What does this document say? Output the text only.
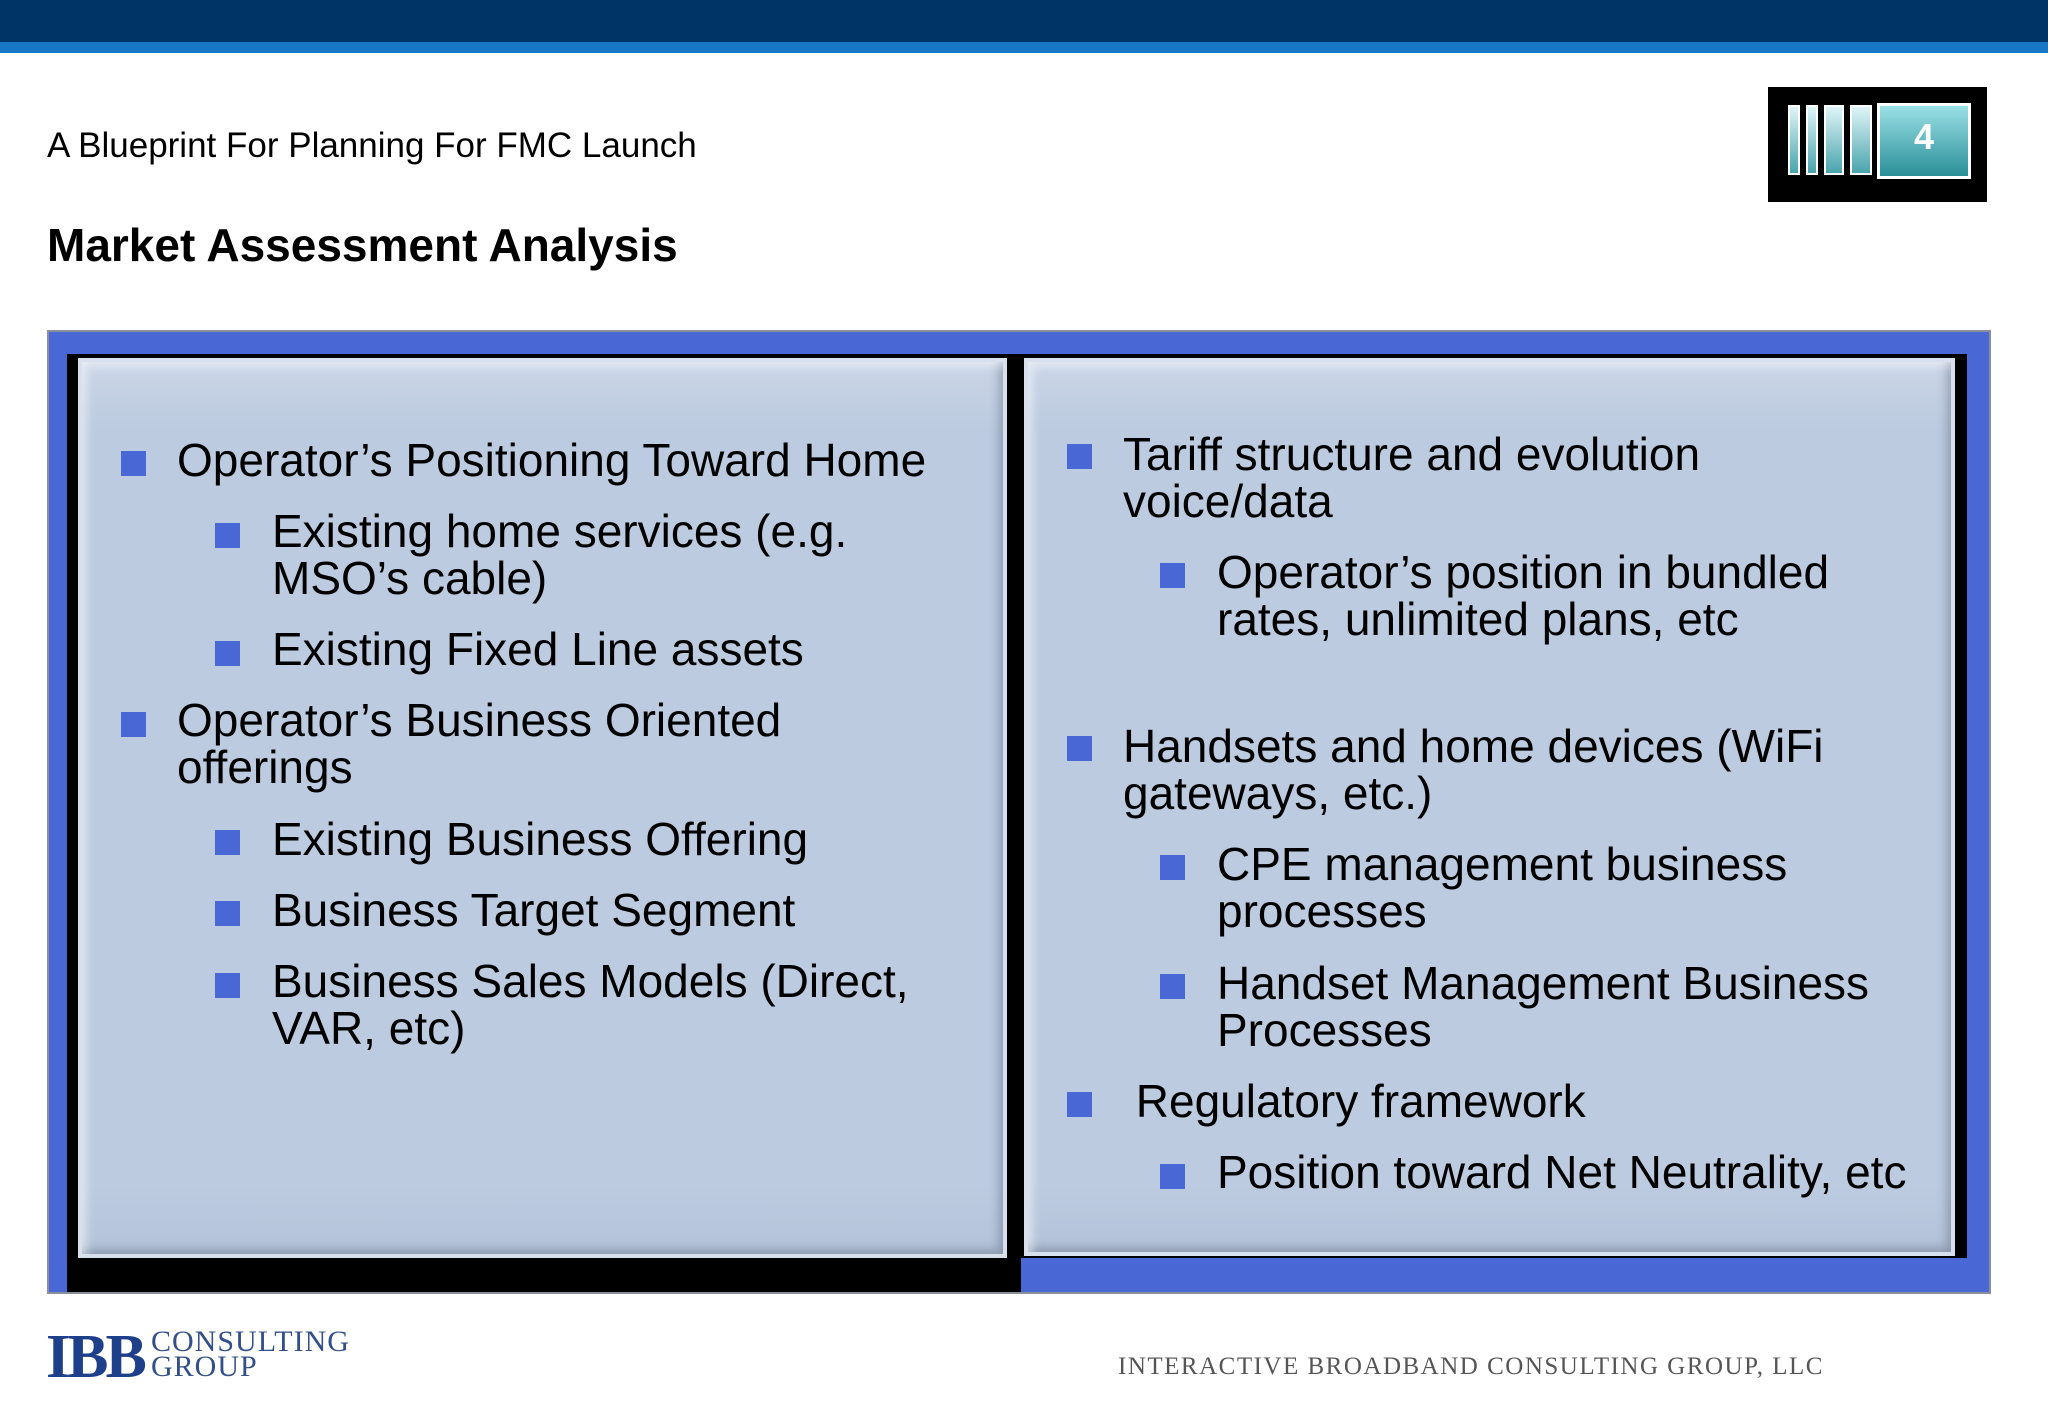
A Blueprint For Planning For FMC Launch
Market Assessment Analysis
4
Operator’s Positioning Toward Home
Existing home services (e.g.
MSO’s cable)
Existing Fixed Line assets
Operator’s Business Oriented
offerings
Existing Business Offering
Business Target Segment
Business Sales Models (Direct,
VAR, etc)
Tariff structure and evolution
voice/data
Operator’s position in bundled
rates, unlimited plans, etc
Handsets and home devices (WiFi
gateways, etc.)
CPE management business
processes
Handset Management Business
Processes
Regulatory framework
Position toward Net Neutrality, etc
IBB CONSULTING
GROUP	INTERACTIVE BROADBAND CONSULTING GROUP, LLC
